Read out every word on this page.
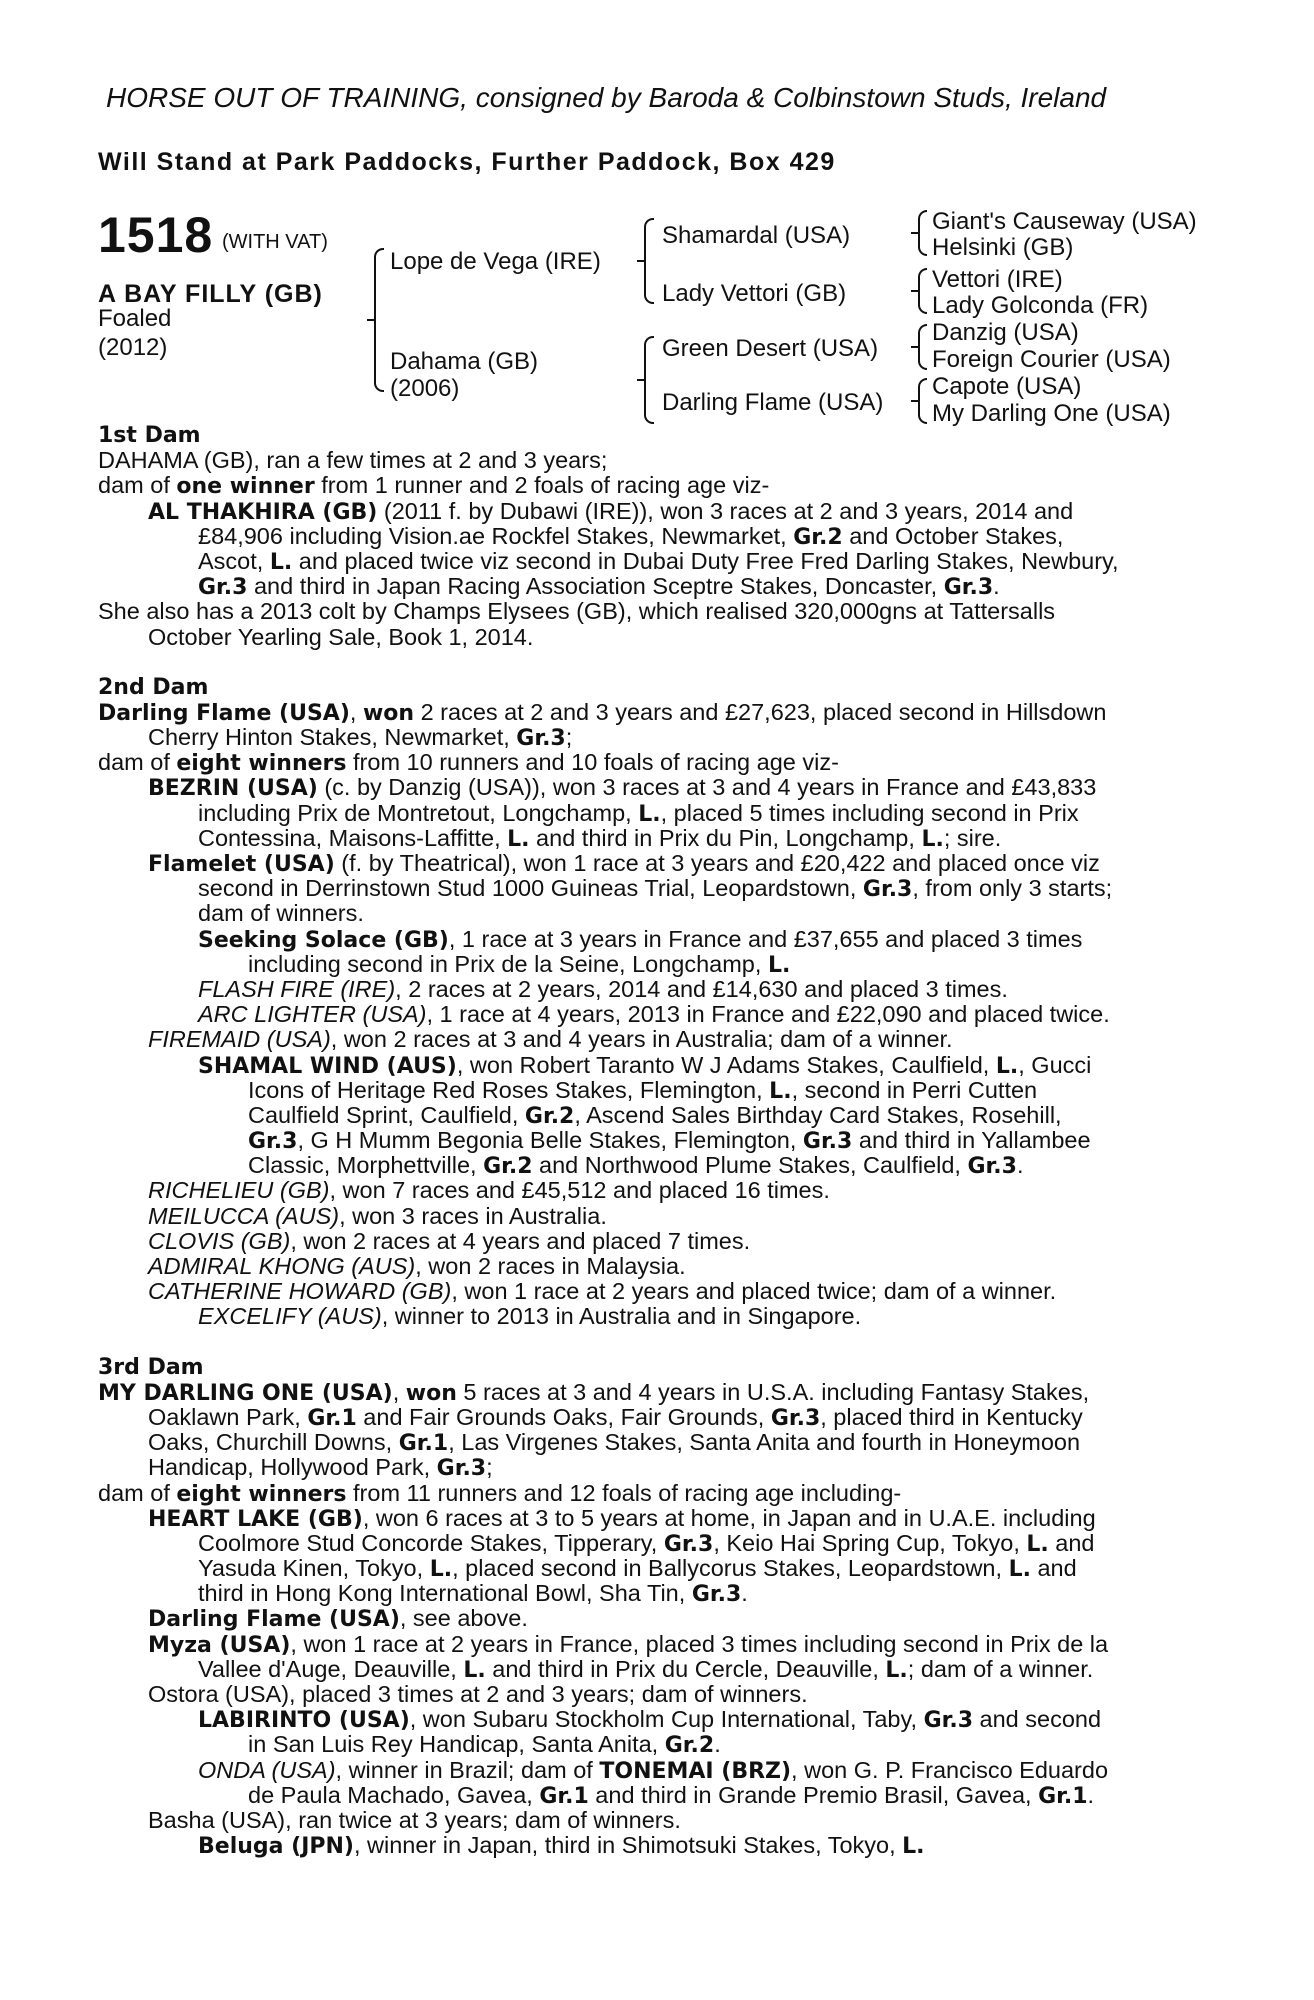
HORSE OUT OF TRAINING, consigned by Baroda & Colbinstown Studs, Ireland
Will Stand at Park Paddocks, Further Paddock, Box 429
1518 (WITH VAT)
A BAY FILLY (GB)
Foaled
(2012)
Lope de Vega (IRE)
Dahama (GB)
(2006)
Shamardal (USA)
Lady Vettori (GB)
Green Desert (USA)
Darling Flame (USA)
Giant's Causeway (USA)
Helsinki (GB)
Vettori (IRE)
Lady Golconda (FR)
Danzig (USA)
Foreign Courier (USA)
Capote (USA)
My Darling One (USA)
1st Dam
DAHAMA (GB), ran a few times at 2 and 3 years;
dam of one winner from 1 runner and 2 foals of racing age viz-
AL THAKHIRA (GB) (2011 f. by Dubawi (IRE)), won 3 races at 2 and 3 years, 2014 and
£84,906 including Vision.ae Rockfel Stakes, Newmarket, Gr.2 and October Stakes,
Ascot, L. and placed twice viz second in Dubai Duty Free Fred Darling Stakes, Newbury,
Gr.3 and third in Japan Racing Association Sceptre Stakes, Doncaster, Gr.3.
She also has a 2013 colt by Champs Elysees (GB), which realised 320,000gns at Tattersalls
October Yearling Sale, Book 1, 2014.
2nd Dam
Darling Flame (USA), won 2 races at 2 and 3 years and £27,623, placed second in Hillsdown
Cherry Hinton Stakes, Newmarket, Gr.3;
dam of eight winners from 10 runners and 10 foals of racing age viz-
BEZRIN (USA) (c. by Danzig (USA)), won 3 races at 3 and 4 years in France and £43,833
including Prix de Montretout, Longchamp, L., placed 5 times including second in Prix
Contessina, Maisons-Laffitte, L. and third in Prix du Pin, Longchamp, L.; sire.
Flamelet (USA) (f. by Theatrical), won 1 race at 3 years and £20,422 and placed once viz
second in Derrinstown Stud 1000 Guineas Trial, Leopardstown, Gr.3, from only 3 starts;
dam of winners.
Seeking Solace (GB), 1 race at 3 years in France and £37,655 and placed 3 times
including second in Prix de la Seine, Longchamp, L.
FLASH FIRE (IRE), 2 races at 2 years, 2014 and £14,630 and placed 3 times.
ARC LIGHTER (USA), 1 race at 4 years, 2013 in France and £22,090 and placed twice.
FIREMAID (USA), won 2 races at 3 and 4 years in Australia; dam of a winner.
SHAMAL WIND (AUS), won Robert Taranto W J Adams Stakes, Caulfield, L., Gucci
Icons of Heritage Red Roses Stakes, Flemington, L., second in Perri Cutten
Caulfield Sprint, Caulfield, Gr.2, Ascend Sales Birthday Card Stakes, Rosehill,
Gr.3, G H Mumm Begonia Belle Stakes, Flemington, Gr.3 and third in Yallambee
Classic, Morphettville, Gr.2 and Northwood Plume Stakes, Caulfield, Gr.3.
RICHELIEU (GB), won 7 races and £45,512 and placed 16 times.
MEILUCCA (AUS), won 3 races in Australia.
CLOVIS (GB), won 2 races at 4 years and placed 7 times.
ADMIRAL KHONG (AUS), won 2 races in Malaysia.
CATHERINE HOWARD (GB), won 1 race at 2 years and placed twice; dam of a winner.
EXCELIFY (AUS), winner to 2013 in Australia and in Singapore.
3rd Dam
MY DARLING ONE (USA), won 5 races at 3 and 4 years in U.S.A. including Fantasy Stakes,
Oaklawn Park, Gr.1 and Fair Grounds Oaks, Fair Grounds, Gr.3, placed third in Kentucky
Oaks, Churchill Downs, Gr.1, Las Virgenes Stakes, Santa Anita and fourth in Honeymoon
Handicap, Hollywood Park, Gr.3;
dam of eight winners from 11 runners and 12 foals of racing age including-
HEART LAKE (GB), won 6 races at 3 to 5 years at home, in Japan and in U.A.E. including
Coolmore Stud Concorde Stakes, Tipperary, Gr.3, Keio Hai Spring Cup, Tokyo, L. and
Yasuda Kinen, Tokyo, L., placed second in Ballycorus Stakes, Leopardstown, L. and
third in Hong Kong International Bowl, Sha Tin, Gr.3.
Darling Flame (USA), see above.
Myza (USA), won 1 race at 2 years in France, placed 3 times including second in Prix de la
Vallee d'Auge, Deauville, L. and third in Prix du Cercle, Deauville, L.; dam of a winner.
Ostora (USA), placed 3 times at 2 and 3 years; dam of winners.
LABIRINTO (USA), won Subaru Stockholm Cup International, Taby, Gr.3 and second
in San Luis Rey Handicap, Santa Anita, Gr.2.
ONDA (USA), winner in Brazil; dam of TONEMAI (BRZ), won G. P. Francisco Eduardo
de Paula Machado, Gavea, Gr.1 and third in Grande Premio Brasil, Gavea, Gr.1.
Basha (USA), ran twice at 3 years; dam of winners.
Beluga (JPN), winner in Japan, third in Shimotsuki Stakes, Tokyo, L.
